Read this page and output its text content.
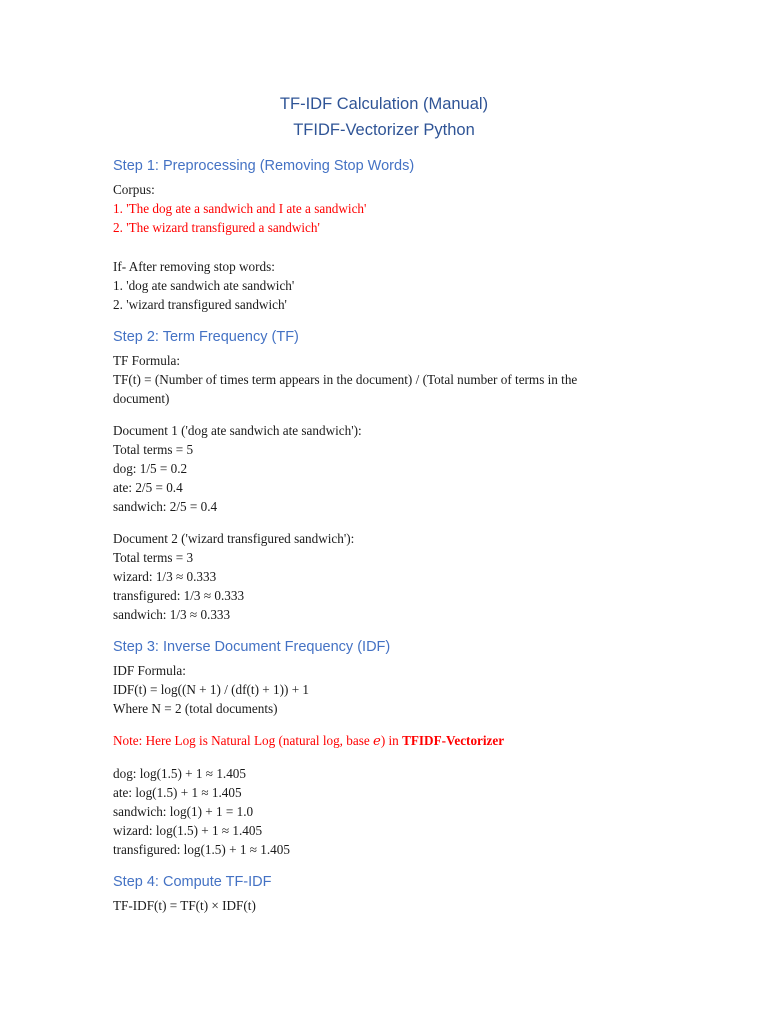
TF-IDF Calculation (Manual)
TFIDF-Vectorizer Python
Step 1: Preprocessing (Removing Stop Words)
Corpus:
1. 'The dog ate a sandwich and I ate a sandwich'
2. 'The wizard transfigured a sandwich'
If- After removing stop words:
1. 'dog ate sandwich ate sandwich'
2. 'wizard transfigured sandwich'
Step 2: Term Frequency (TF)
TF Formula:
TF(t) = (Number of times term appears in the document) / (Total number of terms in the
document)
Document 1 ('dog ate sandwich ate sandwich'):
Total terms = 5
dog: 1/5 = 0.2
ate: 2/5 = 0.4
sandwich: 2/5 = 0.4
Document 2 ('wizard transfigured sandwich'):
Total terms = 3
wizard: 1/3 ≈ 0.333
transfigured: 1/3 ≈ 0.333
sandwich: 1/3 ≈ 0.333
Step 3: Inverse Document Frequency (IDF)
IDF Formula:
IDF(t) = log((N + 1) / (df(t) + 1)) + 1
Where N = 2 (total documents)
Note: Here Log is Natural Log (natural log, base e) in TFIDF-Vectorizer
dog: log(1.5) + 1 ≈ 1.405
ate: log(1.5) + 1 ≈ 1.405
sandwich: log(1) + 1 = 1.0
wizard: log(1.5) + 1 ≈ 1.405
transfigured: log(1.5) + 1 ≈ 1.405
Step 4: Compute TF-IDF
TF-IDF(t) = TF(t) × IDF(t)
